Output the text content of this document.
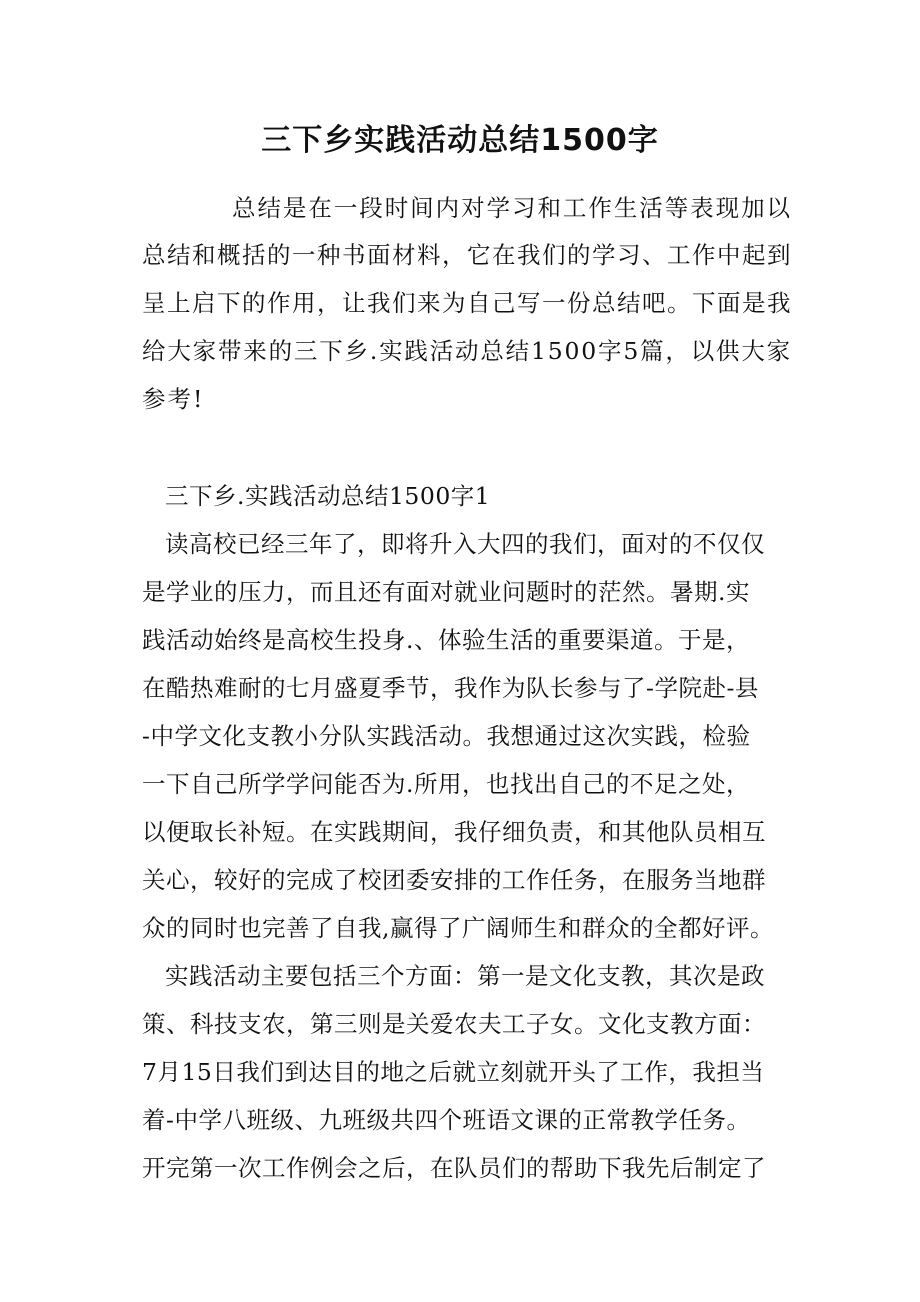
三下乡实践活动总结1500字
总结是在一段时间内对学习和工作生活等表现加以
总结和概括的一种书面材料，它在我们的学习、工作中起到
呈上启下的作用，让我们来为自己写一份总结吧。下面是我
给大家带来的三下乡.实践活动总结1500字5篇，以供大家
参考!
三下乡.实践活动总结1500字1
读高校已经三年了，即将升入大四的我们，面对的不仅仅
是学业的压力，而且还有面对就业问题时的茫然。暑期.实
践活动始终是高校生投身.、体验生活的重要渠道。于是，
在酷热难耐的七月盛夏季节，我作为队长参与了-学院赴-县
-中学文化支教小分队实践活动。我想通过这次实践，检验
一下自己所学学问能否为.所用，也找出自己的不足之处，
以便取长补短。在实践期间，我仔细负责，和其他队员相互
关心，较好的完成了校团委安排的工作任务，在服务当地群
众的同时也完善了自我,赢得了广阔师生和群众的全都好评。
实践活动主要包括三个方面：第一是文化支教，其次是政
策、科技支农，第三则是关爱农夫工子女。文化支教方面：
7月15日我们到达目的地之后就立刻就开头了工作，我担当
着-中学八班级、九班级共四个班语文课的正常教学任务。
开完第一次工作例会之后，在队员们的帮助下我先后制定了
